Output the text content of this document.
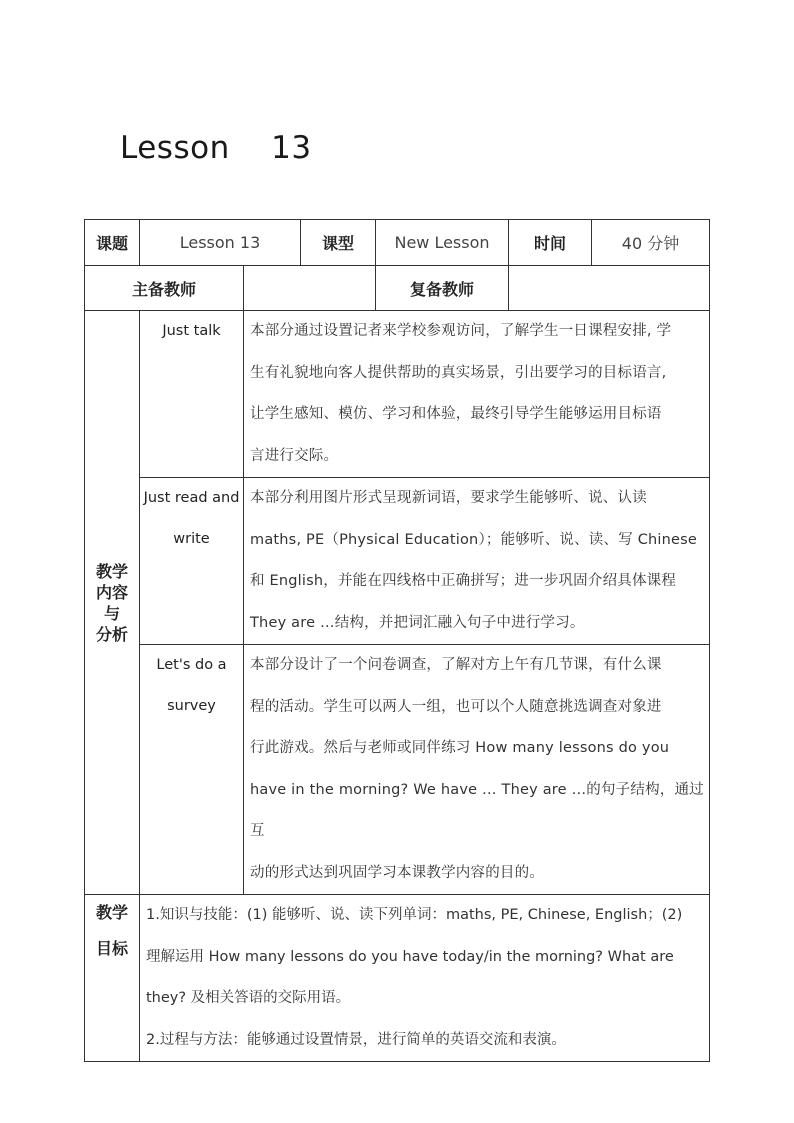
Lesson    13
课题	Lesson 13		课型	New Lesson	时间	40 分钟
主备教师				复备教师		

教学
内容
与
分析	Just talk	本部分通过设置记者来学校参观访问，了解学生一日课程安排, 学
生有礼貌地向客人提供帮助的真实场景，引出要学习的目标语言,
让学生感知、模仿、学习和体验，最终引导学生能够运用目标语
言进行交际。				

	Just read and
write	本部分利用图片形式呈现新词语，要求学生能够听、说、认读
maths, PE（Physical Education）；能够听、说、读、写 Chinese
和 English，并能在四线格中正确拼写；进一步巩固介绍具体课程
They are …结构，并把词汇融入句子中进行学习。				

	Let's do a
survey	本部分设计了一个问卷调查，了解对方上午有几节课，有什么课
程的活动。学生可以两人一组，也可以个人随意挑选调查对象进
行此游戏。然后与老师或同伴练习 How many lessons do you
have in the morning? We have … They are …的句子结构，通过互
动的形式达到巩固学习本课教学内容的目的。				

教学
目标	1.知识与技能：(1) 能够听、说、读下列单词：maths, PE, Chinese, English；(2)
理解运用 How many lessons do you have today/in the morning? What are
they? 及相关答语的交际用语。
2.过程与方法：能够通过设置情景，进行简单的英语交流和表演。					
